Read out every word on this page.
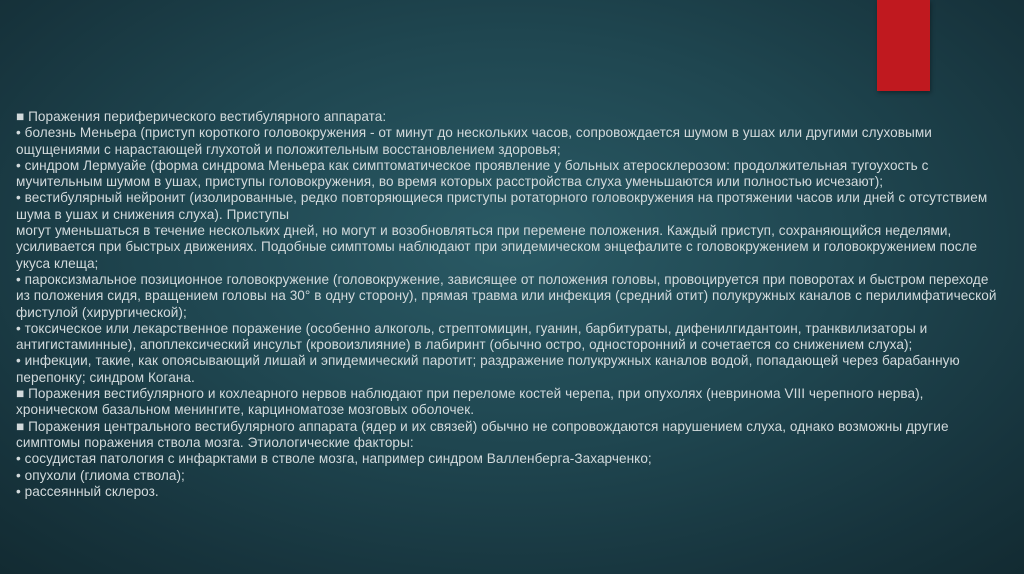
■ Поражения периферического вестибулярного аппарата:

• болезнь Меньера (приступ короткого головокружения - от минут до нескольких часов, сопровождается шумом в ушах или другими слуховыми ощущениями с нарастающей глухотой и положительным восстановлением здоровья;

• синдром Лермуайе (форма синдрома Меньера как симптоматическое проявление у больных атеросклерозом: продолжительная тугоухость с мучительным шумом в ушах, приступы головокружения, во время которых расстройства слуха уменьшаются или полностью исчезают);

• вестибулярный нейронит (изолированные, редко повторяющиеся приступы ротаторного головокружения на протяжении часов или дней с отсутствием шума в ушах и снижения слуха). Приступы

могут уменьшаться в течение нескольких дней, но могут и возобновляться при перемене положения. Каждый приступ, сохраняющийся неделями, усиливается при быстрых движениях. Подобные симптомы наблюдают при эпидемическом энцефалите с головокружением и головокружением после укуса клеща;

• пароксизмальное позиционное головокружение (головокружение, зависящее от положения головы, провоцируется при поворотах и быстром переходе из положения сидя, вращением головы на 30° в одну сторону), прямая травма или инфекция (средний отит) полукружных каналов с перилимфатической фистулой (хирургической);

• токсическое или лекарственное поражение (особенно алкоголь, стрептомицин, гуанин, барбитураты, дифенилгидантоин, транквилизаторы и антигистаминные), апоплексический инсульт (кровоизлияние) в лабиринт (обычно остро, односторонний и сочетается со снижением слуха);

• инфекции, такие, как опоясывающий лишай и эпидемический паротит; раздражение полукружных каналов водой, попадающей через барабанную перепонку; синдром Когана.

■ Поражения вестибулярного и кохлеарного нервов наблюдают при переломе костей черепа, при опухолях (невринома VIII черепного нерва), хроническом базальном менингите, карциноматозе мозговых оболочек.

■ Поражения центрального вестибулярного аппарата (ядер и их связей) обычно не сопровождаются нарушением слуха, однако возможны другие симптомы поражения ствола мозга. Этиологические факторы:

• сосудистая патология с инфарктами в стволе мозга, например синдром Валленберга-Захарченко;

• опухоли (глиома ствола);

• рассеянный склероз.
